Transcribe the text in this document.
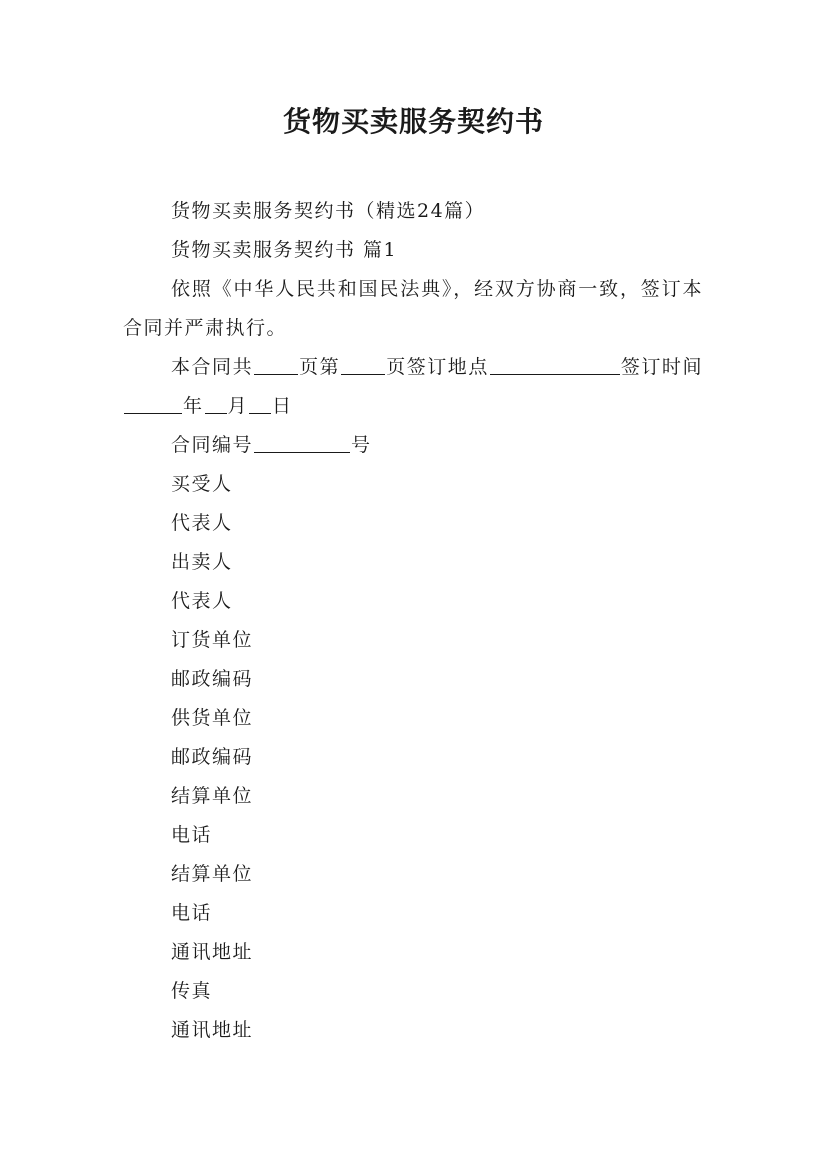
货物买卖服务契约书

货物买卖服务契约书（精选24篇）

货物买卖服务契约书 篇1

依照《中华人民共和国民法典》，经双方协商一致，签订本合同并严肃执行。

本合同共 页第 页签订地点	签订时间年 月 日

合同编号	号

买受人

代表人

出卖人

代表人

订货单位

邮政编码

供货单位

邮政编码

结算单位

电话

结算单位

电话

通讯地址

传真

通讯地址
